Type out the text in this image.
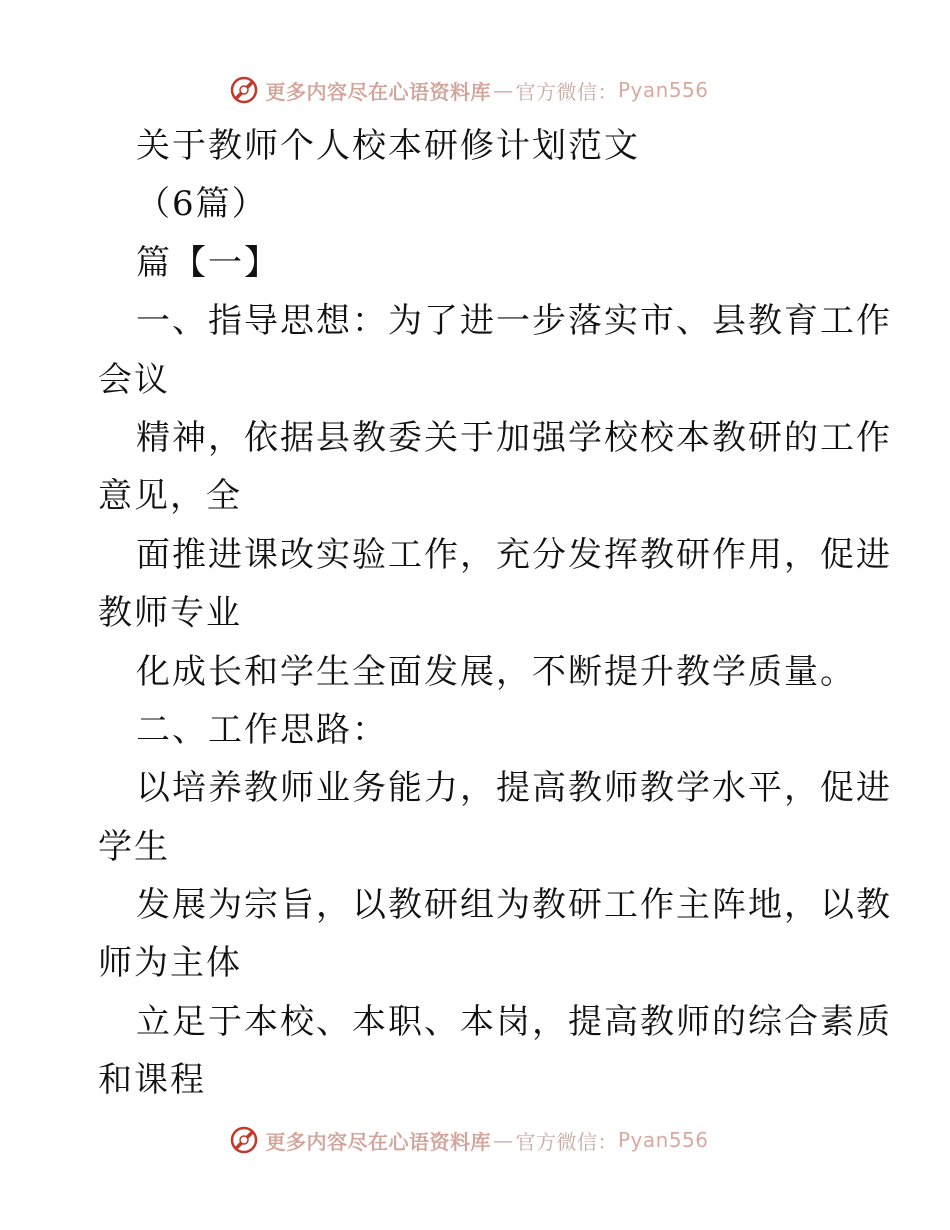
更多内容尽在心语资料库 — 官方微信： Pyan556
关于教师个人校本研修计划范文
（6篇）
篇【一】
一、指导思想：为了进一步落实市、县教育工作
会议
精神，依据县教委关于加强学校校本教研的工作
意见，全
面推进课改实验工作，充分发挥教研作用，促进
教师专业
化成长和学生全面发展，不断提升教学质量。
二、工作思路：
以培养教师业务能力，提高教师教学水平，促进
学生
发展为宗旨，以教研组为教研工作主阵地，以教
师为主体
立足于本校、本职、本岗，提高教师的综合素质
和课程
更多内容尽在心语资料库 — 官方微信： Pyan556
